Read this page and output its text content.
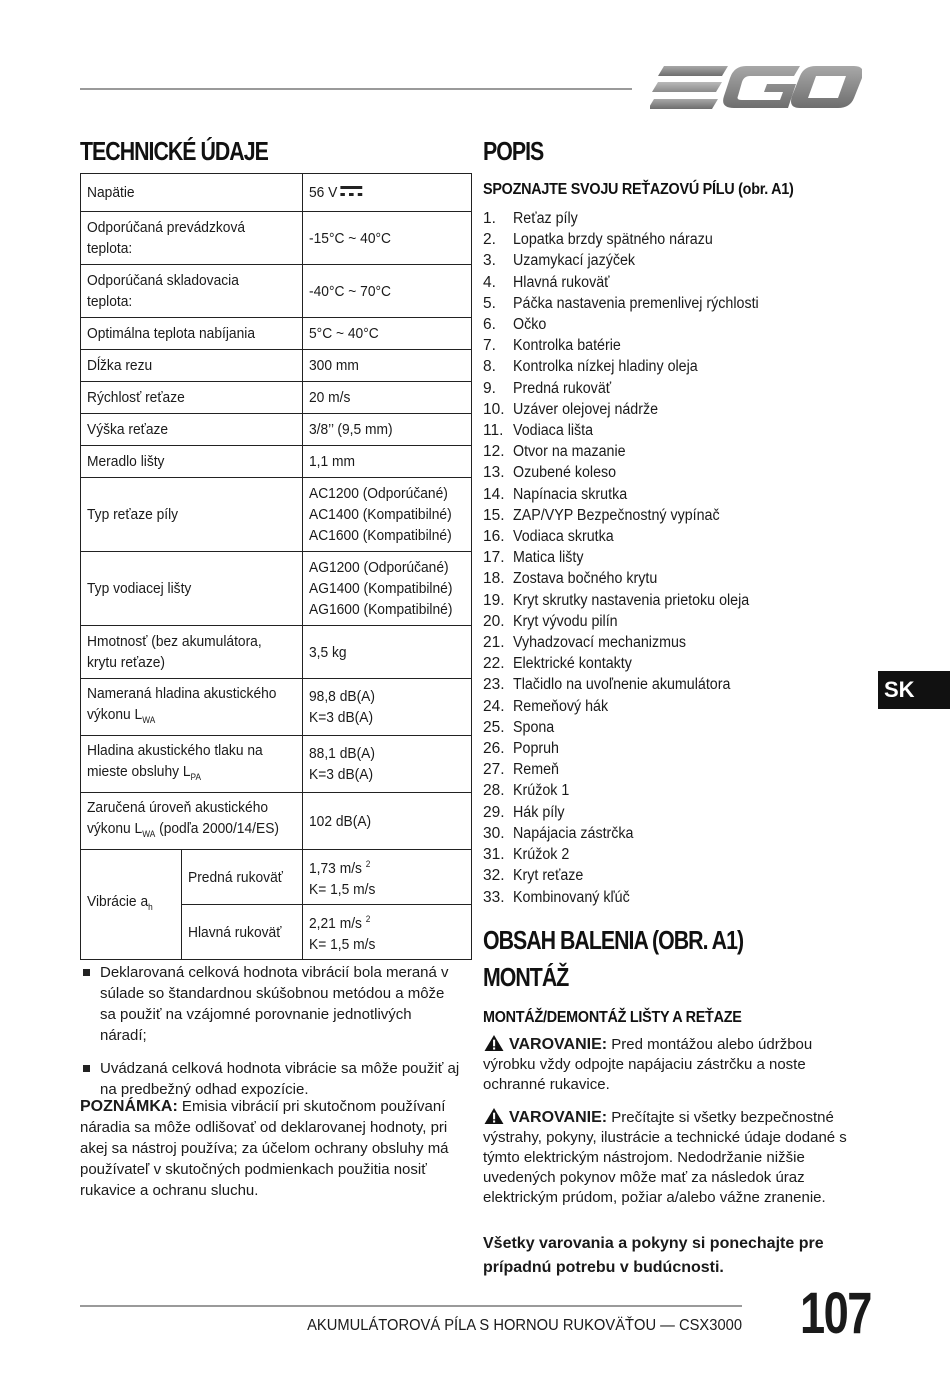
TECHNICKÉ ÚDAJE
Napätie		56 V

Odporúčaná prevádzková teplota:		-15°C ~ 40°C

Odporúčaná skladovacia teplota:		-40°C ~ 70°C

Optimálna teplota nabíjania		5°C ~ 40°C

Dĺžka rezu		300 mm

Rýchlosť reťaze		20 m/s

Výška reťaze		3/8’’ (9,5 mm)

Meradlo lišty		1,1 mm

Typ reťaze píly		AC1200 (Odporúčané)
AC1400 (Kompatibilné)
AC1600 (Kompatibilné)

Typ vodiacej lišty		AG1200 (Odporúčané)
AG1400 (Kompatibilné)
AG1600 (Kompatibilné)

Hmotnosť (bez akumulátora,
krytu reťaze)		3,5 kg

Nameraná hladina akustického
výkonu $L_{WA}$		98,8 dB(A)
K=3 dB(A)

Hladina akustického tlaku na
mieste obsluhy $L_{PA}$		88,1 dB(A)
K=3 dB(A)

Zaručená úroveň akustického
výkonu $L_{WA}$ (podľa 2000/14/ES)		102 dB(A)

Vibrácie $a_h$	Predná rukoväť	1,73 m/s $^2$
K= 1,5 m/s

	Hlavná rukoväť	2,21 m/s $^2$
K= 1,5 m/s
Deklarovaná celková hodnota vibrácií bola meraná v súlade so štandardnou skúšobnou metódou a môže sa použiť na vzájomné porovnanie jednotlivých náradí;
Uvádzaná celková hodnota vibrácie sa môže použiť aj na predbežný odhad expozície.
POZNÁMKA: Emisia vibrácií pri skutočnom používaní náradia sa môže odlišovať od deklarovanej hodnoty, pri akej sa nástroj používa; za účelom ochrany obsluhy má používateľ v skutočných podmienkach použitia nosiť rukavice a ochranu sluchu.
POPIS
SPOZNAJTE SVOJU REŤAZOVÚ PÍLU (obr. A1)
1.	Reťaz píly
2.	Lopatka brzdy spätného nárazu
3.	Uzamykací jazýček
4.	Hlavná rukoväť
5.	Páčka nastavenia premenlivej rýchlosti
6.	Očko
7.	Kontrolka batérie
8.	Kontrolka nízkej hladiny oleja
9.	Predná rukoväť
10. Uzáver olejovej nádrže
11. Vodiaca lišta
12. Otvor na mazanie
13. Ozubené koleso
14. Napínacia skrutka
15. ZAP/VYP Bezpečnostný vypínač
16. Vodiaca skrutka
17. Matica lišty
18. Zostava bočného krytu
19. Kryt skrutky nastavenia prietoku oleja
20. Kryt vývodu pilín
21. Vyhadzovací mechanizmus
22. Elektrické kontakty
23. Tlačidlo na uvoľnenie akumulátora
24. Remeňový hák
25. Spona
26. Popruh
27. Remeň
28. Krúžok 1
29. Hák píly
30. Napájacia zástrčka
31. Krúžok 2
32. Kryt reťaze
33. Kombinovaný kľúč
OBSAH BALENIA (OBR. A1)
MONTÁŽ
MONTÁŽ/DEMONTÁŽ LIŠTY A REŤAZE
VAROVANIE: Pred montážou alebo údržbou výrobku vždy odpojte napájaciu zástrčku a noste ochranné rukavice.
VAROVANIE: Prečítajte si všetky bezpečnostné výstrahy, pokyny, ilustrácie a technické údaje dodané s týmto elektrickým nástrojom. Nedodržanie nižšie uvedených pokynov môže mať za následok úraz elektrickým prúdom, požiar a/alebo vážne zranenie.
Všetky varovania a pokyny si ponechajte pre prípadnú potrebu v budúcnosti.
SK
AKUMULÁTOROVÁ PÍLA S HORNOU RUKOVÄŤOU — CSX3000 107
